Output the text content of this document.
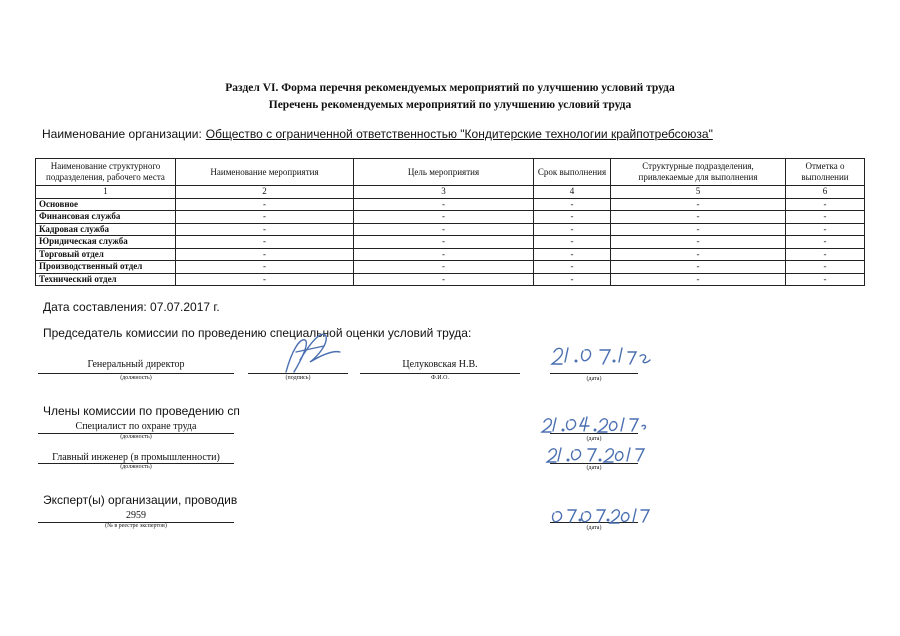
Раздел VI. Форма перечня рекомендуемых мероприятий по улучшению условий труда
Перечень рекомендуемых мероприятий по улучшению условий труда
Наименование организации: Общество с ограниченной ответственностью "Кондитерские технологии крайпотребсоюза"
Наименование структурного подразделения, рабочего места	Наименование мероприятия	Цель мероприятия	Срок выполнения	Структурные подразделения, привлекаемые для выполнения	Отметка о выполнении
1	2	3	4	5	6
Основное	-	-	-	-	-
Финансовая служба	-	-	-	-	-
Кадровая служба	-	-	-	-	-
Юридическая служба	-	-	-	-	-
Торговый отдел	-	-	-	-	-
Производственный отдел	-	-	-	-	-
Технический отдел	-	-	-	-	-
Дата составления: 07.07.2017 г.
Председатель комиссии по проведению специальной оценки условий труда:
Генеральный директор
(должность)	(подпись)
Целуковская Н.В.
Ф.И.О.	(дата)
Члены комиссии по проведению сп
Специалист по охране труда
(должность)	(дата)
Главный инженер (в промышленности)
(должность)	(дата)
Эксперт(ы) организации, проводив
2959
(№ в реестре экспертов)	(дата)
